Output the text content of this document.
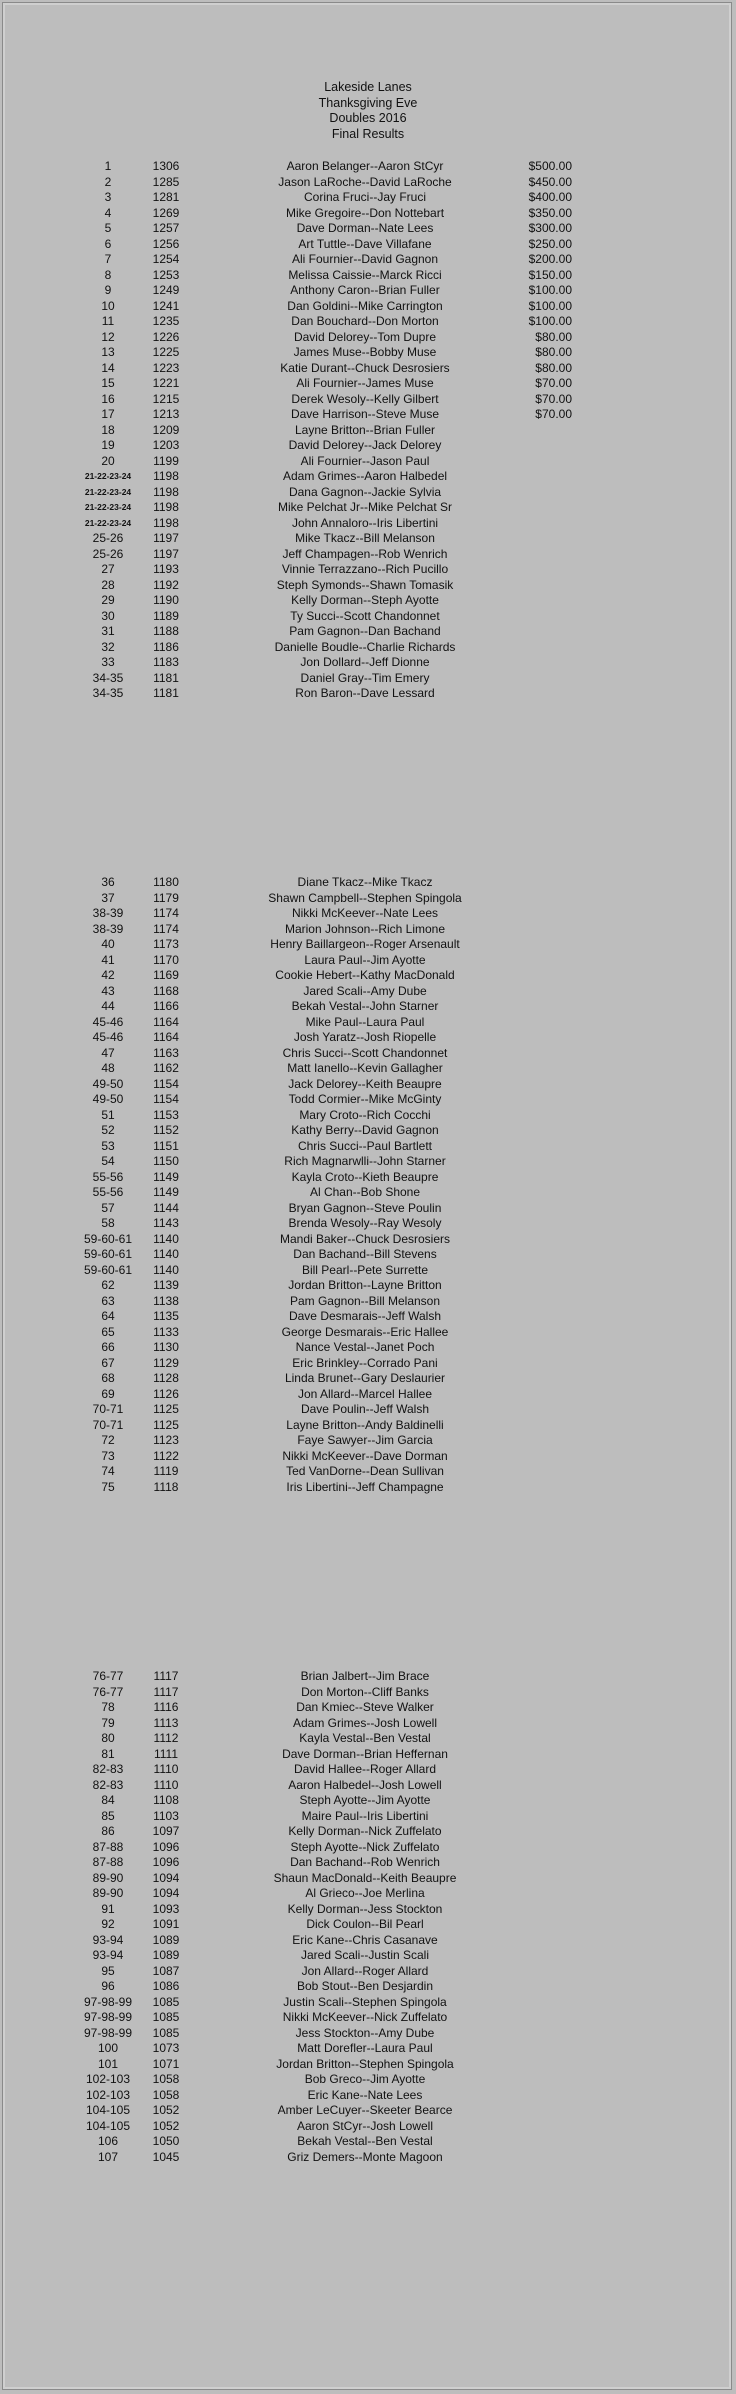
Lakeside Lanes
Thanksgiving Eve
Doubles 2016
Final Results
1	1306	Aaron Belanger--Aaron StCyr	$500.00
2	1285	Jason LaRoche--David LaRoche	$450.00
3	1281	Corina Fruci--Jay Fruci	$400.00
4	1269	Mike Gregoire--Don Nottebart	$350.00
5	1257	Dave Dorman--Nate Lees	$300.00
6	1256	Art Tuttle--Dave Villafane	$250.00
7	1254	Ali Fournier--David Gagnon	$200.00
8	1253	Melissa Caissie--Marck Ricci	$150.00
9	1249	Anthony Caron--Brian Fuller	$100.00
10	1241	Dan Goldini--Mike Carrington	$100.00
11	1235	Dan Bouchard--Don Morton	$100.00
12	1226	David Delorey--Tom Dupre	$80.00
13	1225	James Muse--Bobby Muse	$80.00
14	1223	Katie Durant--Chuck Desrosiers	$80.00
15	1221	Ali Fournier--James Muse	$70.00
16	1215	Derek Wesoly--Kelly Gilbert	$70.00
17	1213	Dave Harrison--Steve Muse	$70.00
18	1209	Layne Britton--Brian Fuller
19	1203	David Delorey--Jack Delorey
20	1199	Ali Fournier--Jason Paul
21-22-23-24	1198	Adam Grimes--Aaron Halbedel
21-22-23-24	1198	Dana Gagnon--Jackie Sylvia
21-22-23-24	1198	Mike Pelchat Jr--Mike Pelchat Sr
21-22-23-24	1198	John Annaloro--Iris Libertini
25-26	1197	Mike Tkacz--Bill Melanson
25-26	1197	Jeff Champagen--Rob Wenrich
27	1193	Vinnie Terrazzano--Rich Pucillo
28	1192	Steph Symonds--Shawn Tomasik
29	1190	Kelly Dorman--Steph Ayotte
30	1189	Ty Succi--Scott Chandonnet
31	1188	Pam Gagnon--Dan Bachand
32	1186	Danielle Boudle--Charlie Richards
33	1183	Jon Dollard--Jeff Dionne
34-35	1181	Daniel Gray--Tim Emery
34-35	1181	Ron Baron--Dave Lessard
36	1180	Diane Tkacz--Mike Tkacz
37	1179	Shawn Campbell--Stephen Spingola
38-39	1174	Nikki McKeever--Nate Lees
38-39	1174	Marion Johnson--Rich Limone
40	1173	Henry Baillargeon--Roger Arsenault
41	1170	Laura Paul--Jim Ayotte
42	1169	Cookie Hebert--Kathy MacDonald
43	1168	Jared Scali--Amy Dube
44	1166	Bekah Vestal--John Starner
45-46	1164	Mike Paul--Laura Paul
45-46	1164	Josh Yaratz--Josh Riopelle
47	1163	Chris Succi--Scott Chandonnet
48	1162	Matt Ianello--Kevin Gallagher
49-50	1154	Jack Delorey--Keith Beaupre
49-50	1154	Todd Cormier--Mike McGinty
51	1153	Mary Croto--Rich Cocchi
52	1152	Kathy Berry--David Gagnon
53	1151	Chris Succi--Paul Bartlett
54	1150	Rich Magnarwlli--John Starner
55-56	1149	Kayla Croto--Kieth Beaupre
55-56	1149	Al Chan--Bob Shone
57	1144	Bryan Gagnon--Steve Poulin
58	1143	Brenda Wesoly--Ray Wesoly
59-60-61	1140	Mandi Baker--Chuck Desrosiers
59-60-61	1140	Dan Bachand--Bill Stevens
59-60-61	1140	Bill Pearl--Pete Surrette
62	1139	Jordan Britton--Layne Britton
63	1138	Pam Gagnon--Bill Melanson
64	1135	Dave Desmarais--Jeff Walsh
65	1133	George Desmarais--Eric Hallee
66	1130	Nance Vestal--Janet Poch
67	1129	Eric Brinkley--Corrado Pani
68	1128	Linda Brunet--Gary Deslaurier
69	1126	Jon Allard--Marcel Hallee
70-71	1125	Dave Poulin--Jeff Walsh
70-71	1125	Layne Britton--Andy Baldinelli
72	1123	Faye Sawyer--Jim Garcia
73	1122	Nikki McKeever--Dave Dorman
74	1119	Ted VanDorne--Dean Sullivan
75	1118	Iris Libertini--Jeff Champagne
76-77	1117	Brian Jalbert--Jim Brace
76-77	1117	Don Morton--Cliff Banks
78	1116	Dan Kmiec--Steve Walker
79	1113	Adam Grimes--Josh Lowell
80	1112	Kayla Vestal--Ben Vestal
81	1111	Dave Dorman--Brian Heffernan
82-83	1110	David Hallee--Roger Allard
82-83	1110	Aaron Halbedel--Josh Lowell
84	1108	Steph Ayotte--Jim Ayotte
85	1103	Maire Paul--Iris Libertini
86	1097	Kelly Dorman--Nick Zuffelato
87-88	1096	Steph Ayotte--Nick Zuffelato
87-88	1096	Dan Bachand--Rob Wenrich
89-90	1094	Shaun MacDonald--Keith Beaupre
89-90	1094	Al Grieco--Joe Merlina
91	1093	Kelly Dorman--Jess Stockton
92	1091	Dick Coulon--Bil Pearl
93-94	1089	Eric Kane--Chris Casanave
93-94	1089	Jared Scali--Justin Scali
95	1087	Jon Allard--Roger Allard
96	1086	Bob Stout--Ben Desjardin
97-98-99	1085	Justin Scali--Stephen Spingola
97-98-99	1085	Nikki McKeever--Nick Zuffelato
97-98-99	1085	Jess Stockton--Amy Dube
100	1073	Matt Dorefler--Laura Paul
101	1071	Jordan Britton--Stephen Spingola
102-103	1058	Bob Greco--Jim Ayotte
102-103	1058	Eric Kane--Nate Lees
104-105	1052	Amber LeCuyer--Skeeter Bearce
104-105	1052	Aaron StCyr--Josh Lowell
106	1050	Bekah Vestal--Ben Vestal
107	1045	Griz Demers--Monte Magoon
